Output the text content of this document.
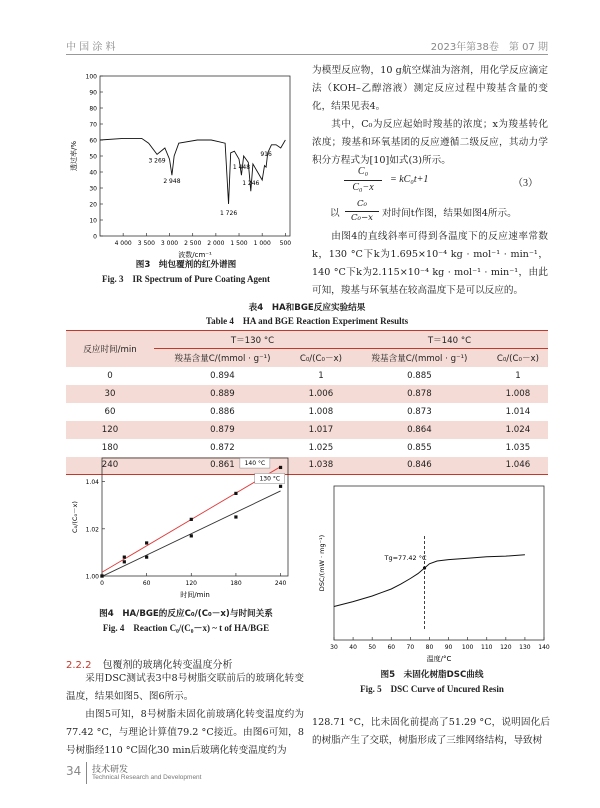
中 国 涂 料	2023年第38卷　第 07 期
0
10
20
30
40
50
60
70
80
90
100
4 000 3 500 3 000 2 500 2 000 1 500 1 000 500
波数/cm⁻¹
透过率/%	3 269
2 948
1 726
1 448
1 246
916
图3　纯包覆剂的红外谱图
Fig. 3　IR Spectrum of Pure Coating Agent
为模型反应物，10 g航空煤油为溶剂，用化学反应滴定法（KOH–乙醇溶液）测定反应过程中羧基含量的变化，结果见表4。
其中，C₀为反应起始时羧基的浓度；x为羧基转化浓度；羧基和环氧基团的反应遵循二级反应，其动力学积分方程式为[10]如式(3)所示。
C₀
C₀−x
= kC₀t+1	（3）
以
C₀
C₀−x 对时间t作图，结果如图4所示。
由图4的直线斜率可得到各温度下的反应速率常数k，130 °C下k为1.695×10⁻⁴ kg · mol⁻¹ · min⁻¹，140 °C下k为2.115×10⁻⁴ kg · mol⁻¹ · min⁻¹，由此可知，羧基与环氧基在较高温度下是可以反应的。
表4　HA和BGE反应实验结果
Table 4　HA and BGE Reaction Experiment Results
反应时间/min	T＝130 °C		T＝140 °C	
	羧基含量C/(mmol · g⁻¹)	C₀/(C₀－x)	羧基含量C/(mmol · g⁻¹)	C₀/(C₀－x)
0	0.894	1	0.885	1
30	0.889	1.006	0.878	1.008
60	0.886	1.008	0.873	1.014
120	0.879	1.017	0.864	1.024
180	0.872	1.025	0.855	1.035
240	0.861	1.038	0.846	1.046
1.00
1.02
1.04
0	60	120	180	240
时间/min
C₀/(C₀－x)
140 °C
130 °C
图4　HA/BGE的反应C₀/(C₀－x)与时间关系
Fig. 4　Reaction C₀/(C₀－x) ~ t of HA/BGE
2.2.2 包覆剂的玻璃化转变温度分析
采用DSC测试表3中8号树脂交联前后的玻璃化转变温度，结果如图5、图6所示。
由图5可知，8号树脂未固化前玻璃化转变温度约为77.42 °C，与理论计算值79.2 °C接近。由图6可知，8号树脂经110 °C固化30 min后玻璃化转变温度约为
30 40 50 60 70 80 90 100 110 120 130 140
温度/°C
DSC/(mW · mg⁻¹)	Tg=77.42 °C
图5　未固化树脂DSC曲线
Fig. 5　DSC Curve of Uncured Resin
128.71 °C，比未固化前提高了51.29 °C，说明固化后的树脂产生了交联，树脂形成了三维网络结构，导致树
34 技术研发
Technical Research and Development
